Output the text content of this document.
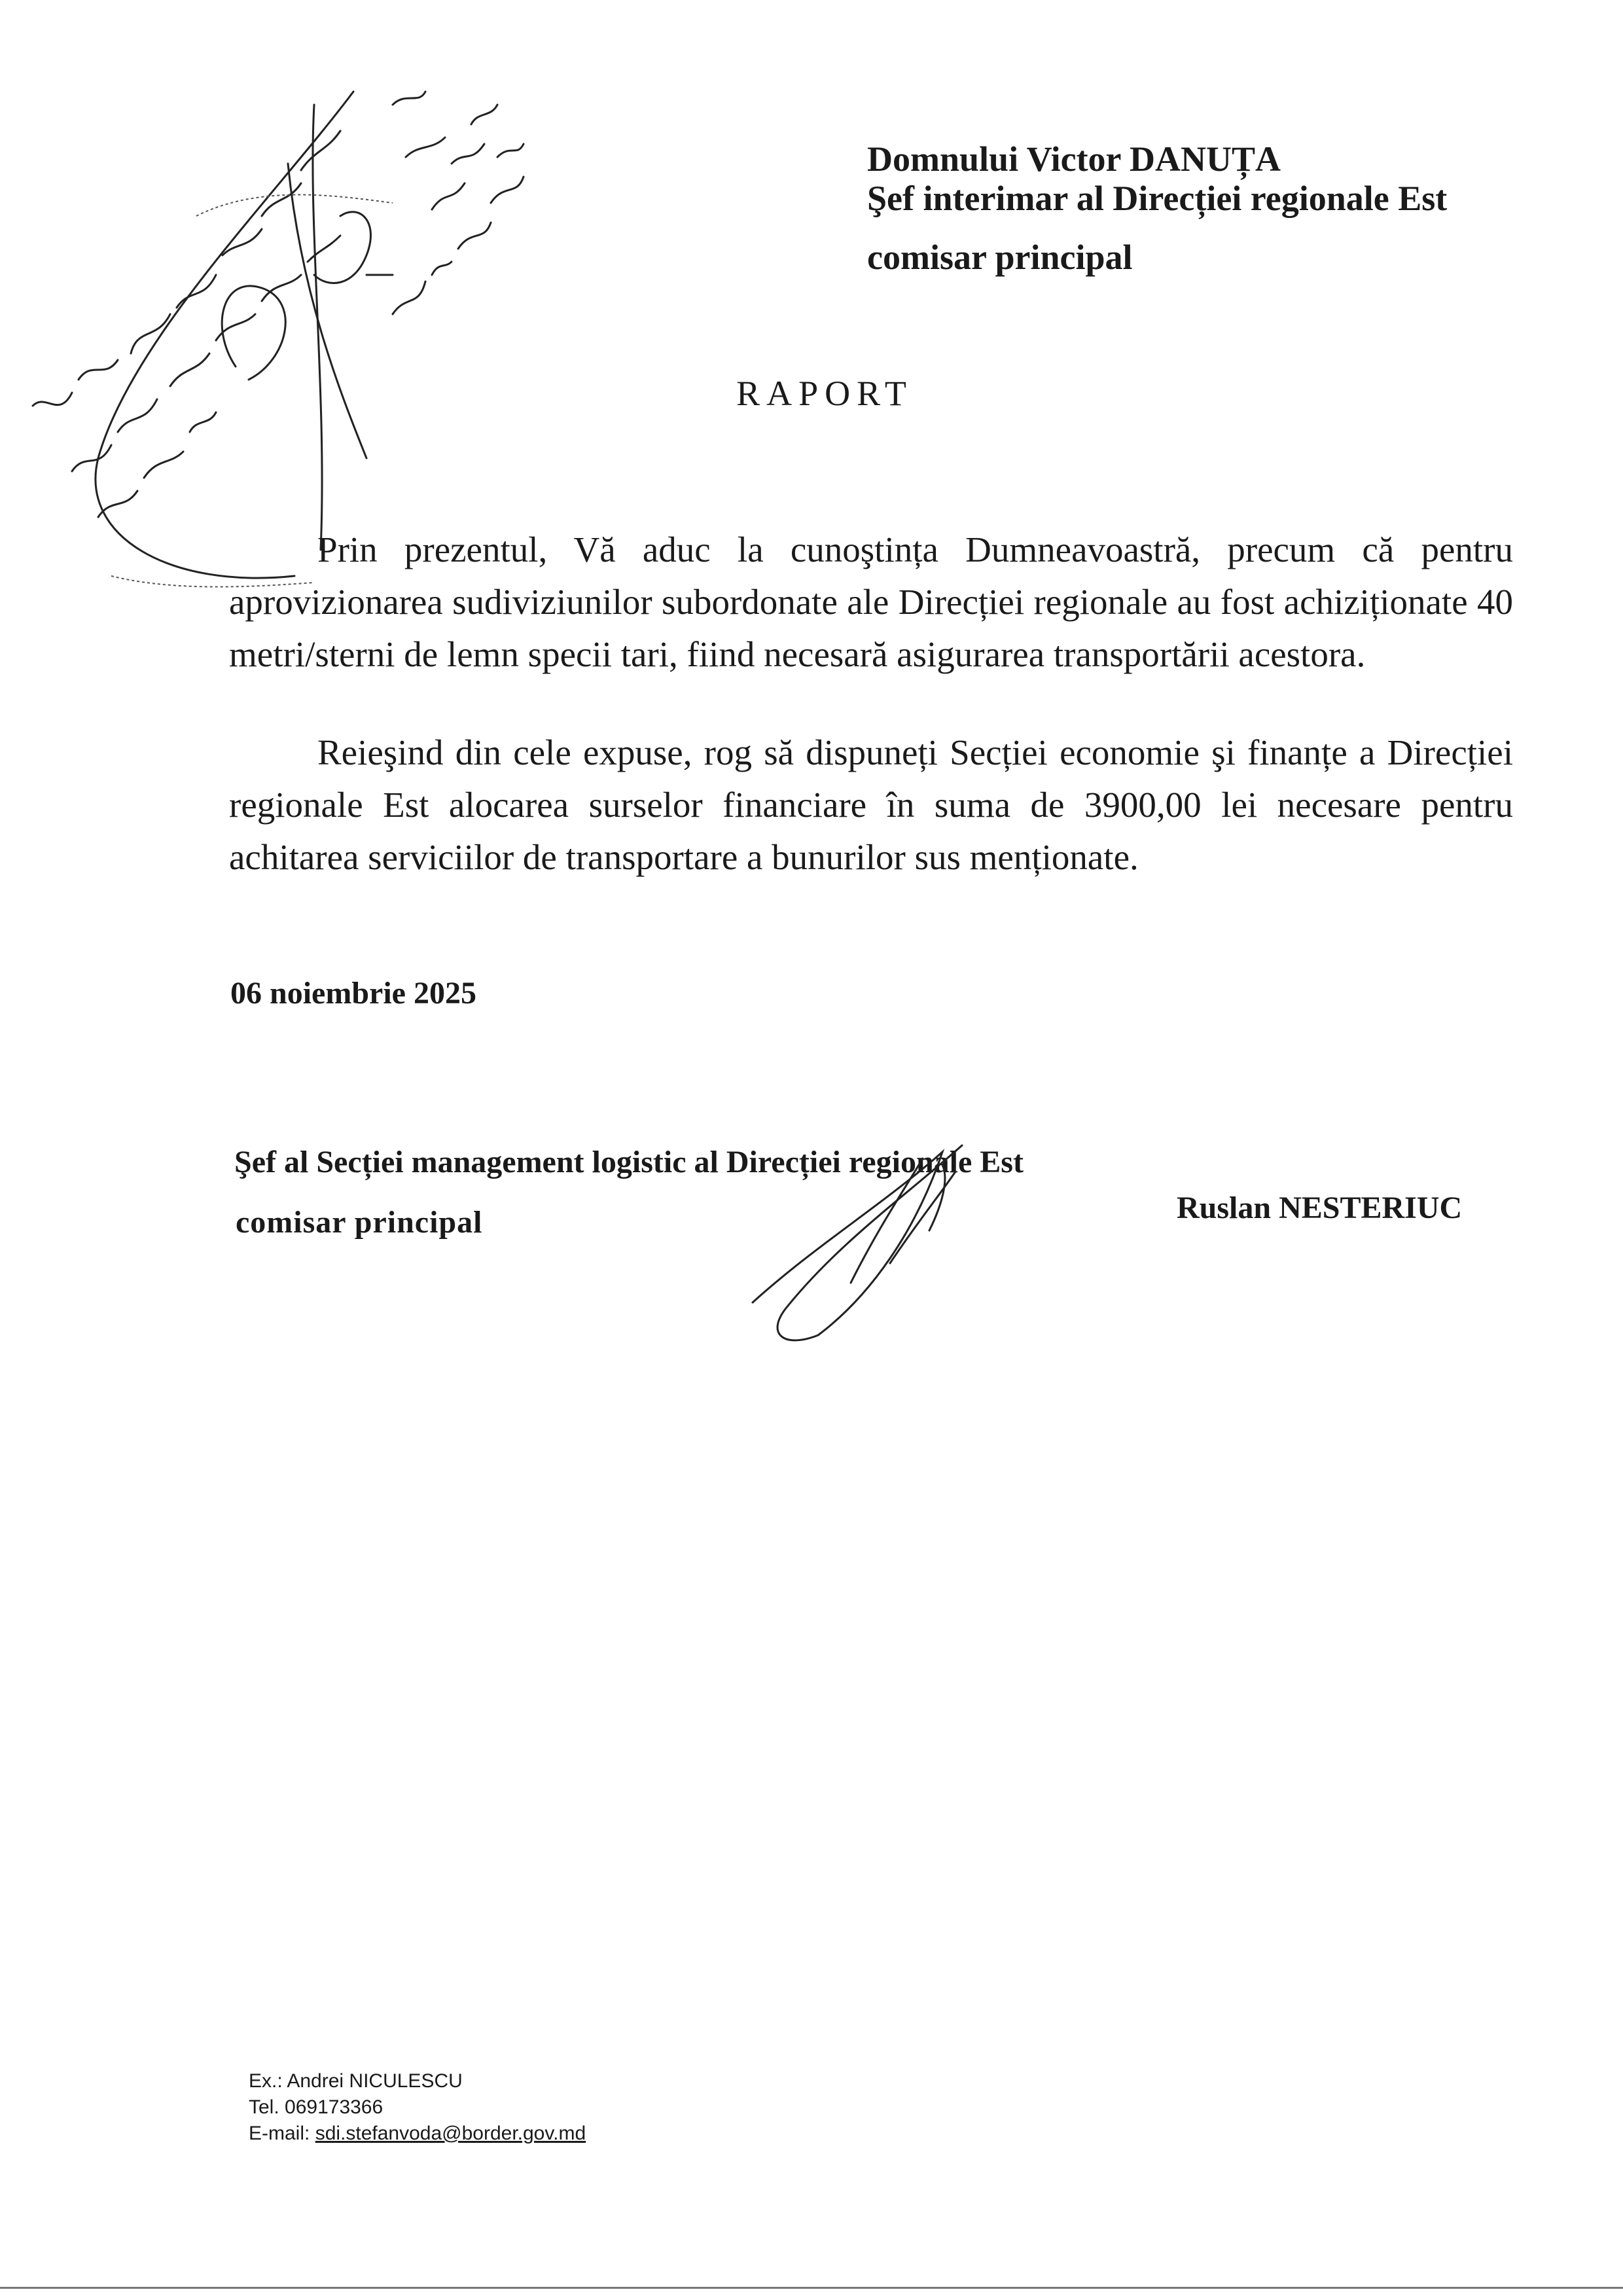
Domnului Victor DANUȚA
Şef interimar al Direcției regionale Est
comisar principal
RAPORT
Prin prezentul, Vă aduc la cunoştința Dumneavoastră, precum că pentru aprovizionarea sudiviziunilor subordonate ale Direcției regionale au fost achiziționate 40 metri/sterni de lemn specii tari, fiind necesară asigurarea transportării acestora.
Reieşind din cele expuse, rog să dispuneți Secției economie şi finanțe a Direcției regionale Est alocarea surselor financiare în suma de 3900,00 lei necesare pentru achitarea serviciilor de transportare a bunurilor sus menționate.
06 noiembrie 2025
Şef al Secției management logistic al Direcției regionale Est
comisar principal	Ruslan NESTERIUC
Ex.: Andrei NICULESCU
Tel. 069173366
E-mail: sdi.stefanvoda@border.gov.md
